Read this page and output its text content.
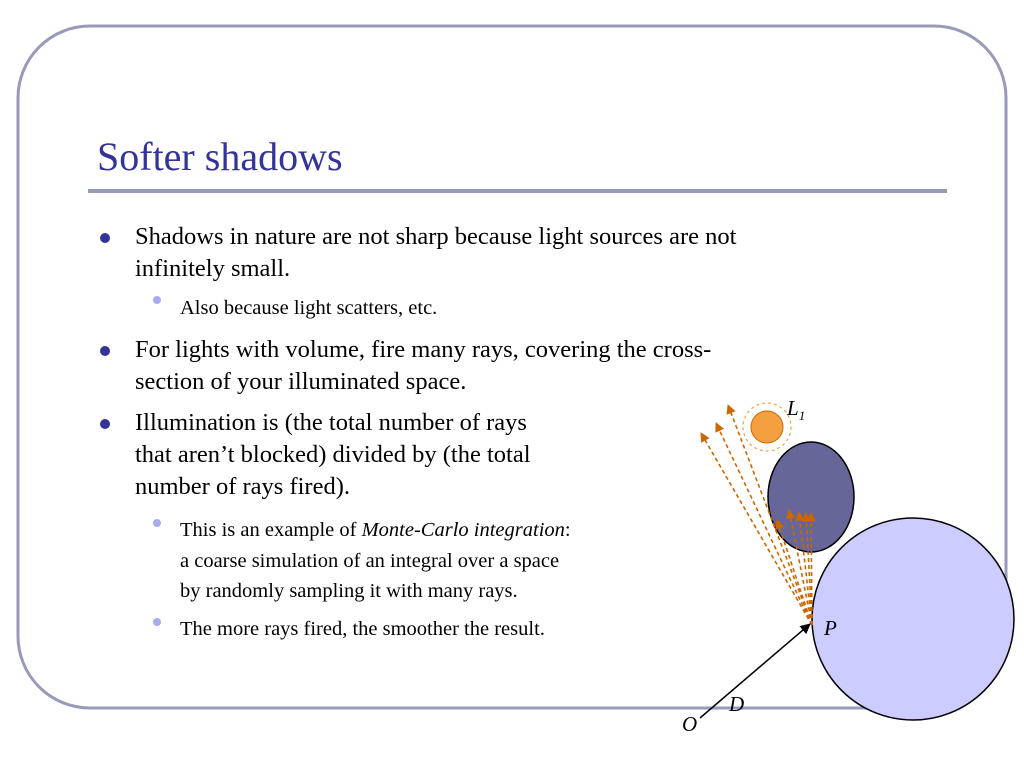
Softer shadows
Shadows in nature are not sharp because light sources are not
infinitely small.
Also because light scatters, etc.
For lights with volume, fire many rays, covering the cross-
section of your illuminated space.
Illumination is (the total number of rays
that aren’t blocked) divided by (the total
number of rays fired).
This is an example of Monte-Carlo integration:
a coarse simulation of an integral over a space
by randomly sampling it with many rays.
The more rays fired, the smoother the result.
$L_1$
P
D
O
